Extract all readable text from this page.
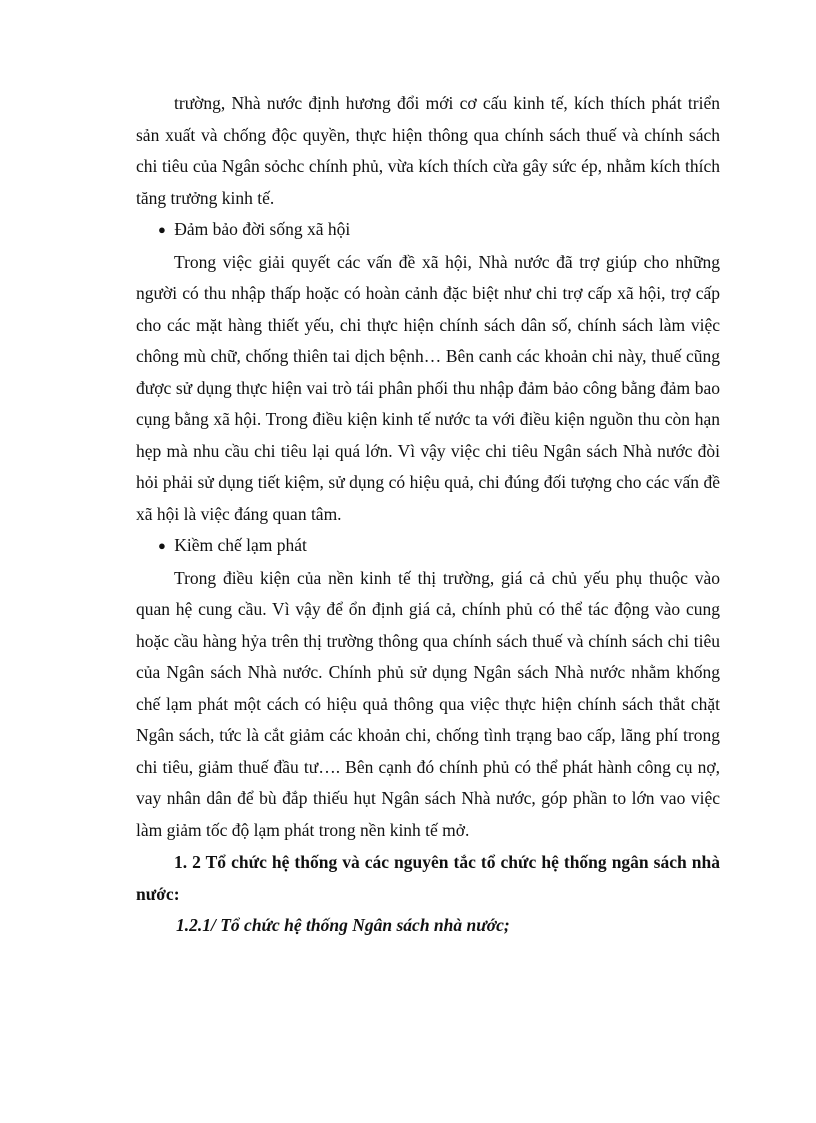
trường, Nhà nước định hương đổi mới cơ cấu kinh tế, kích thích phát triển sản xuất và chống độc quyền, thực hiện thông qua chính sách thuế và chính sách chi tiêu của Ngân sỏchc chính phủ, vừa kích thích cừa gây sức ép, nhằm kích thích tăng trưởng kinh tế.

● Đảm bảo đời sống xã hội

Trong việc giải quyết các vấn đề xã hội, Nhà nước đã trợ giúp cho những người có thu nhập thấp hoặc có hoàn cảnh đặc biệt như chi trợ cấp xã hội, trợ cấp cho các mặt hàng thiết yếu, chi thực hiện chính sách dân số, chính sách làm việc chông mù chữ, chống thiên tai dịch bệnh… Bên canh các khoản chi này, thuế cũng được sử dụng thực hiện vai trò tái phân phối thu nhập đảm bảo công bằng đảm bao cụng bằng xã hội. Trong điều kiện kinh tế nước ta với điều kiện nguồn thu còn hạn hẹp mà nhu cầu chi tiêu lại quá lớn. Vì vậy việc chi tiêu Ngân sách Nhà nước đòi hỏi phải sử dụng tiết kiệm, sử dụng có hiệu quả, chi đúng đối tượng cho các vấn đề xã hội là việc đáng quan tâm.

● Kiềm chế lạm phát

Trong điều kiện của nền kinh tế thị trường, giá cả chủ yếu phụ thuộc vào quan hệ cung cầu. Vì vậy để ổn định giá cả, chính phủ có thể tác động vào cung hoặc cầu hàng hỷa trên thị trường thông qua chính sách thuế và chính sách chi tiêu của Ngân sách Nhà nước. Chính phủ sử dụng Ngân sách Nhà nước nhằm khống chế lạm phát một cách có hiệu quả thông qua việc thực hiện chính sách thắt chặt Ngân sách, tức là cắt giảm các khoản chi, chống tình trạng bao cấp, lãng phí trong chi tiêu, giảm thuế đầu tư…. Bên cạnh đó chính phủ có thể phát hành công cụ nợ, vay nhân dân để bù đắp thiếu hụt Ngân sách Nhà nước, góp phần to lớn vao việc làm giảm tốc độ lạm phát trong nền kinh tế mở.

1. 2 Tổ chức hệ thống và các nguyên tắc tổ chức hệ thống ngân sách nhà nước:

1.2.1/ Tổ chức hệ thống Ngân sách nhà nước;
